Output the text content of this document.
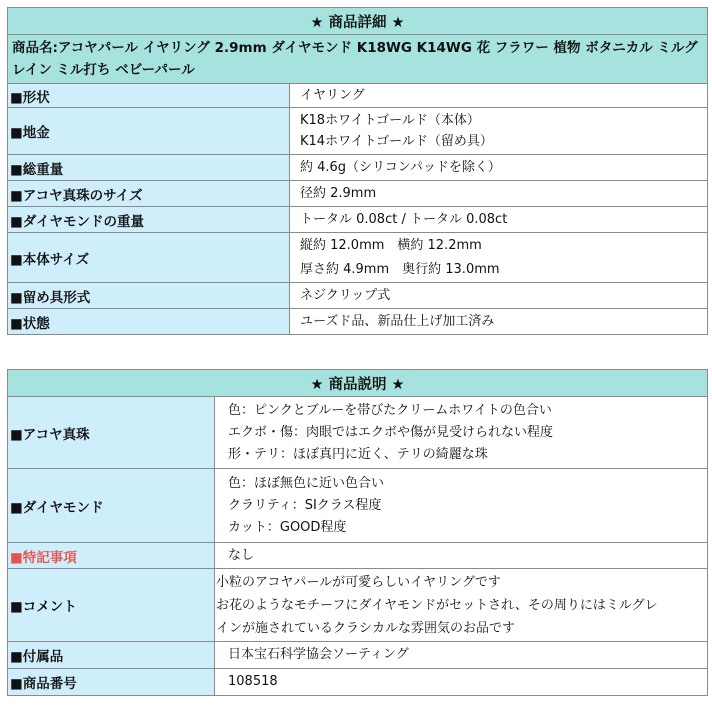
★ 商品詳細 ★	
商品名:アコヤパール イヤリング 2.9mm ダイヤモンド K18WG K14WG 花 フラワー 植物 ボタニカル ミルグレイン ミル打ち ベビーパール	
■形状	イヤリング

■地金	K18ホワイトゴールド（本体）
K14ホワイトゴールド（留め具）

■総重量	約 4.6g（シリコンパッドを除く）

■アコヤ真珠のサイズ	径約 2.9mm

■ダイヤモンドの重量	トータル 0.08ct / トータル 0.08ct

■本体サイズ	縦約 12.0mm　横約 12.2mm
厚さ約 4.9mm　奥行約 13.0mm

■留め具形式	ネジクリップ式

■状態	ユーズド品、新品仕上げ加工済み
★ 商品説明 ★	
■アコヤ真珠	色：ピンクとブルーを帯びたクリームホワイトの色合い
エクボ・傷：肉眼ではエクボや傷が見受けられない程度
形・テリ：ほぼ真円に近く、テリの綺麗な珠

■ダイヤモンド	色：ほぼ無色に近い色合い
クラリティ：SIクラス程度
カット：GOOD程度

■特記事項	なし

■コメント	小粒のアコヤパールが可愛らしいイヤリングです
お花のようなモチーフにダイヤモンドがセットされ、その周りにはミルグレ
インが施されているクラシカルな雰囲気のお品です

■付属品	日本宝石科学協会ソーティング

■商品番号	108518
